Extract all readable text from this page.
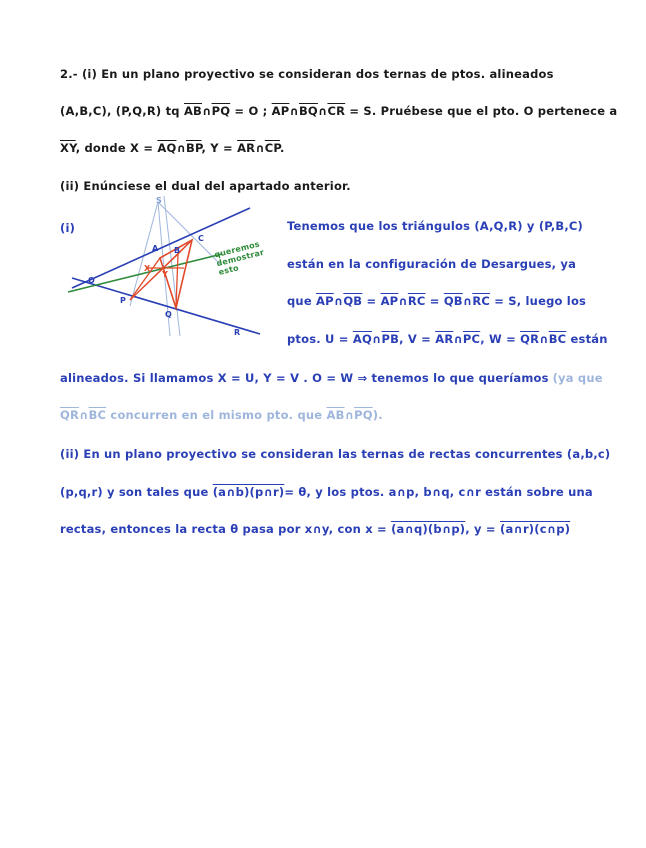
2.- (i) En un plano proyectivo se consideran dos ternas de ptos. alineados
(A,B,C), (P,Q,R) tq $\overline{AB}\cap\overline{PQ} = O$ ; $\overline{AP}\cap\overline{BQ}\cap\overline{CR} = S$. Pruébese que el pto. O pertenece a
$\overline{XY}$, donde $X = \overline{AQ}\cap\overline{BP}$, $Y = \overline{AR}\cap\overline{CP}$.
(ii) Enúnciese el dual del apartado anterior.
S
A B
C
P
Q
R
O
X
Y
queremos demostrar esto
(i)	Tenemos que los triángulos (A,Q,R) y (P,B,C)
están en la configuración de Desargues, ya
que $\overline{AP}\cap\overline{QB}$ = $\overline{AP}\cap\overline{RC}$ = $\overline{QB}\cap\overline{RC} = S$, luego los
ptos. $U = \overline{AQ}\cap\overline{PB}$, $V = \overline{AR}\cap\overline{PC}$, $W = \overline{QR}\cap\overline{BC}$ están
alineados. Si llamamos X = U, Y = V . O = W ⇒ tenemos lo que queríamos (ya que
$\overline{QR}\cap\overline{BC}$ concurren en el mismo pto. que $\overline{AB}\cap\overline{PQ}$).
(ii) En un plano proyectivo se consideran las ternas de rectas concurrentes (a,b,c)
(p,q,r) y son tales que (a∩b)(p∩r)= θ, y los ptos. a∩p, b∩q, c∩r están sobre una
rectas, entonces la recta θ pasa por x∩y, con x = (a∩q)(b∩p), y = (a∩r)(c∩p)
